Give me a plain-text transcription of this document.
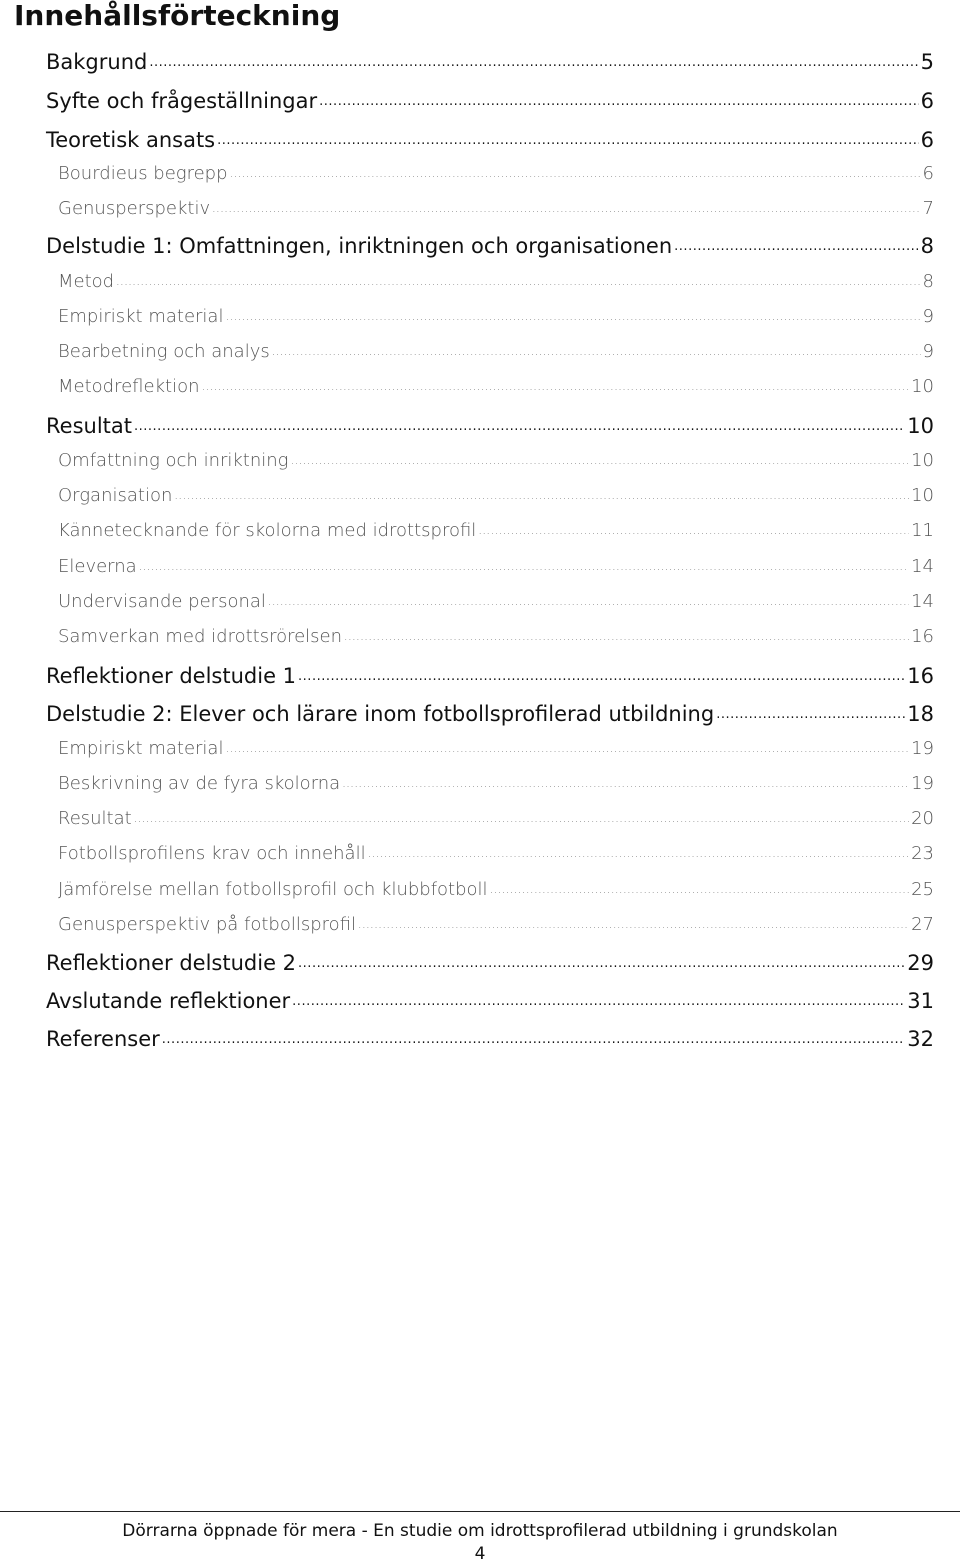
Innehållsförteckning
Bakgrund .....	5
Syfte och frågeställningar .....	6
Teoretisk ansats .....	6
Bourdieus begrepp .....	6
Genusperspektiv .....	7
Delstudie 1: Omfattningen, inriktningen och organisationen .....	8
Metod .....	8
Empiriskt material .....	9
Bearbetning och analys .....	9
Metodreflektion .....	10
Resultat .....	10
Omfattning och inriktning .....	10
Organisation .....	10
Kännetecknande för skolorna med idrottsprofil .....	11
Eleverna .....	14
Undervisande personal .....	14
Samverkan med idrottsrörelsen .....	16
Reflektioner delstudie 1 .....	16
Delstudie 2: Elever och lärare inom fotbollsprofilerad utbildning .....	18
Empiriskt material .....	19
Beskrivning av de fyra skolorna .....	19
Resultat .....	20
Fotbollsprofilens krav och innehåll .....	23
Jämförelse mellan fotbollsprofil och klubbfotboll .....	25
Genusperspektiv på fotbollsprofil .....	27
Reflektioner delstudie 2 .....	29
Avslutande reflektioner .....	31
Referenser .....	32
Dörrarna öppnade för mera - En studie om idrottsprofilerad utbildning i grundskolan
4
